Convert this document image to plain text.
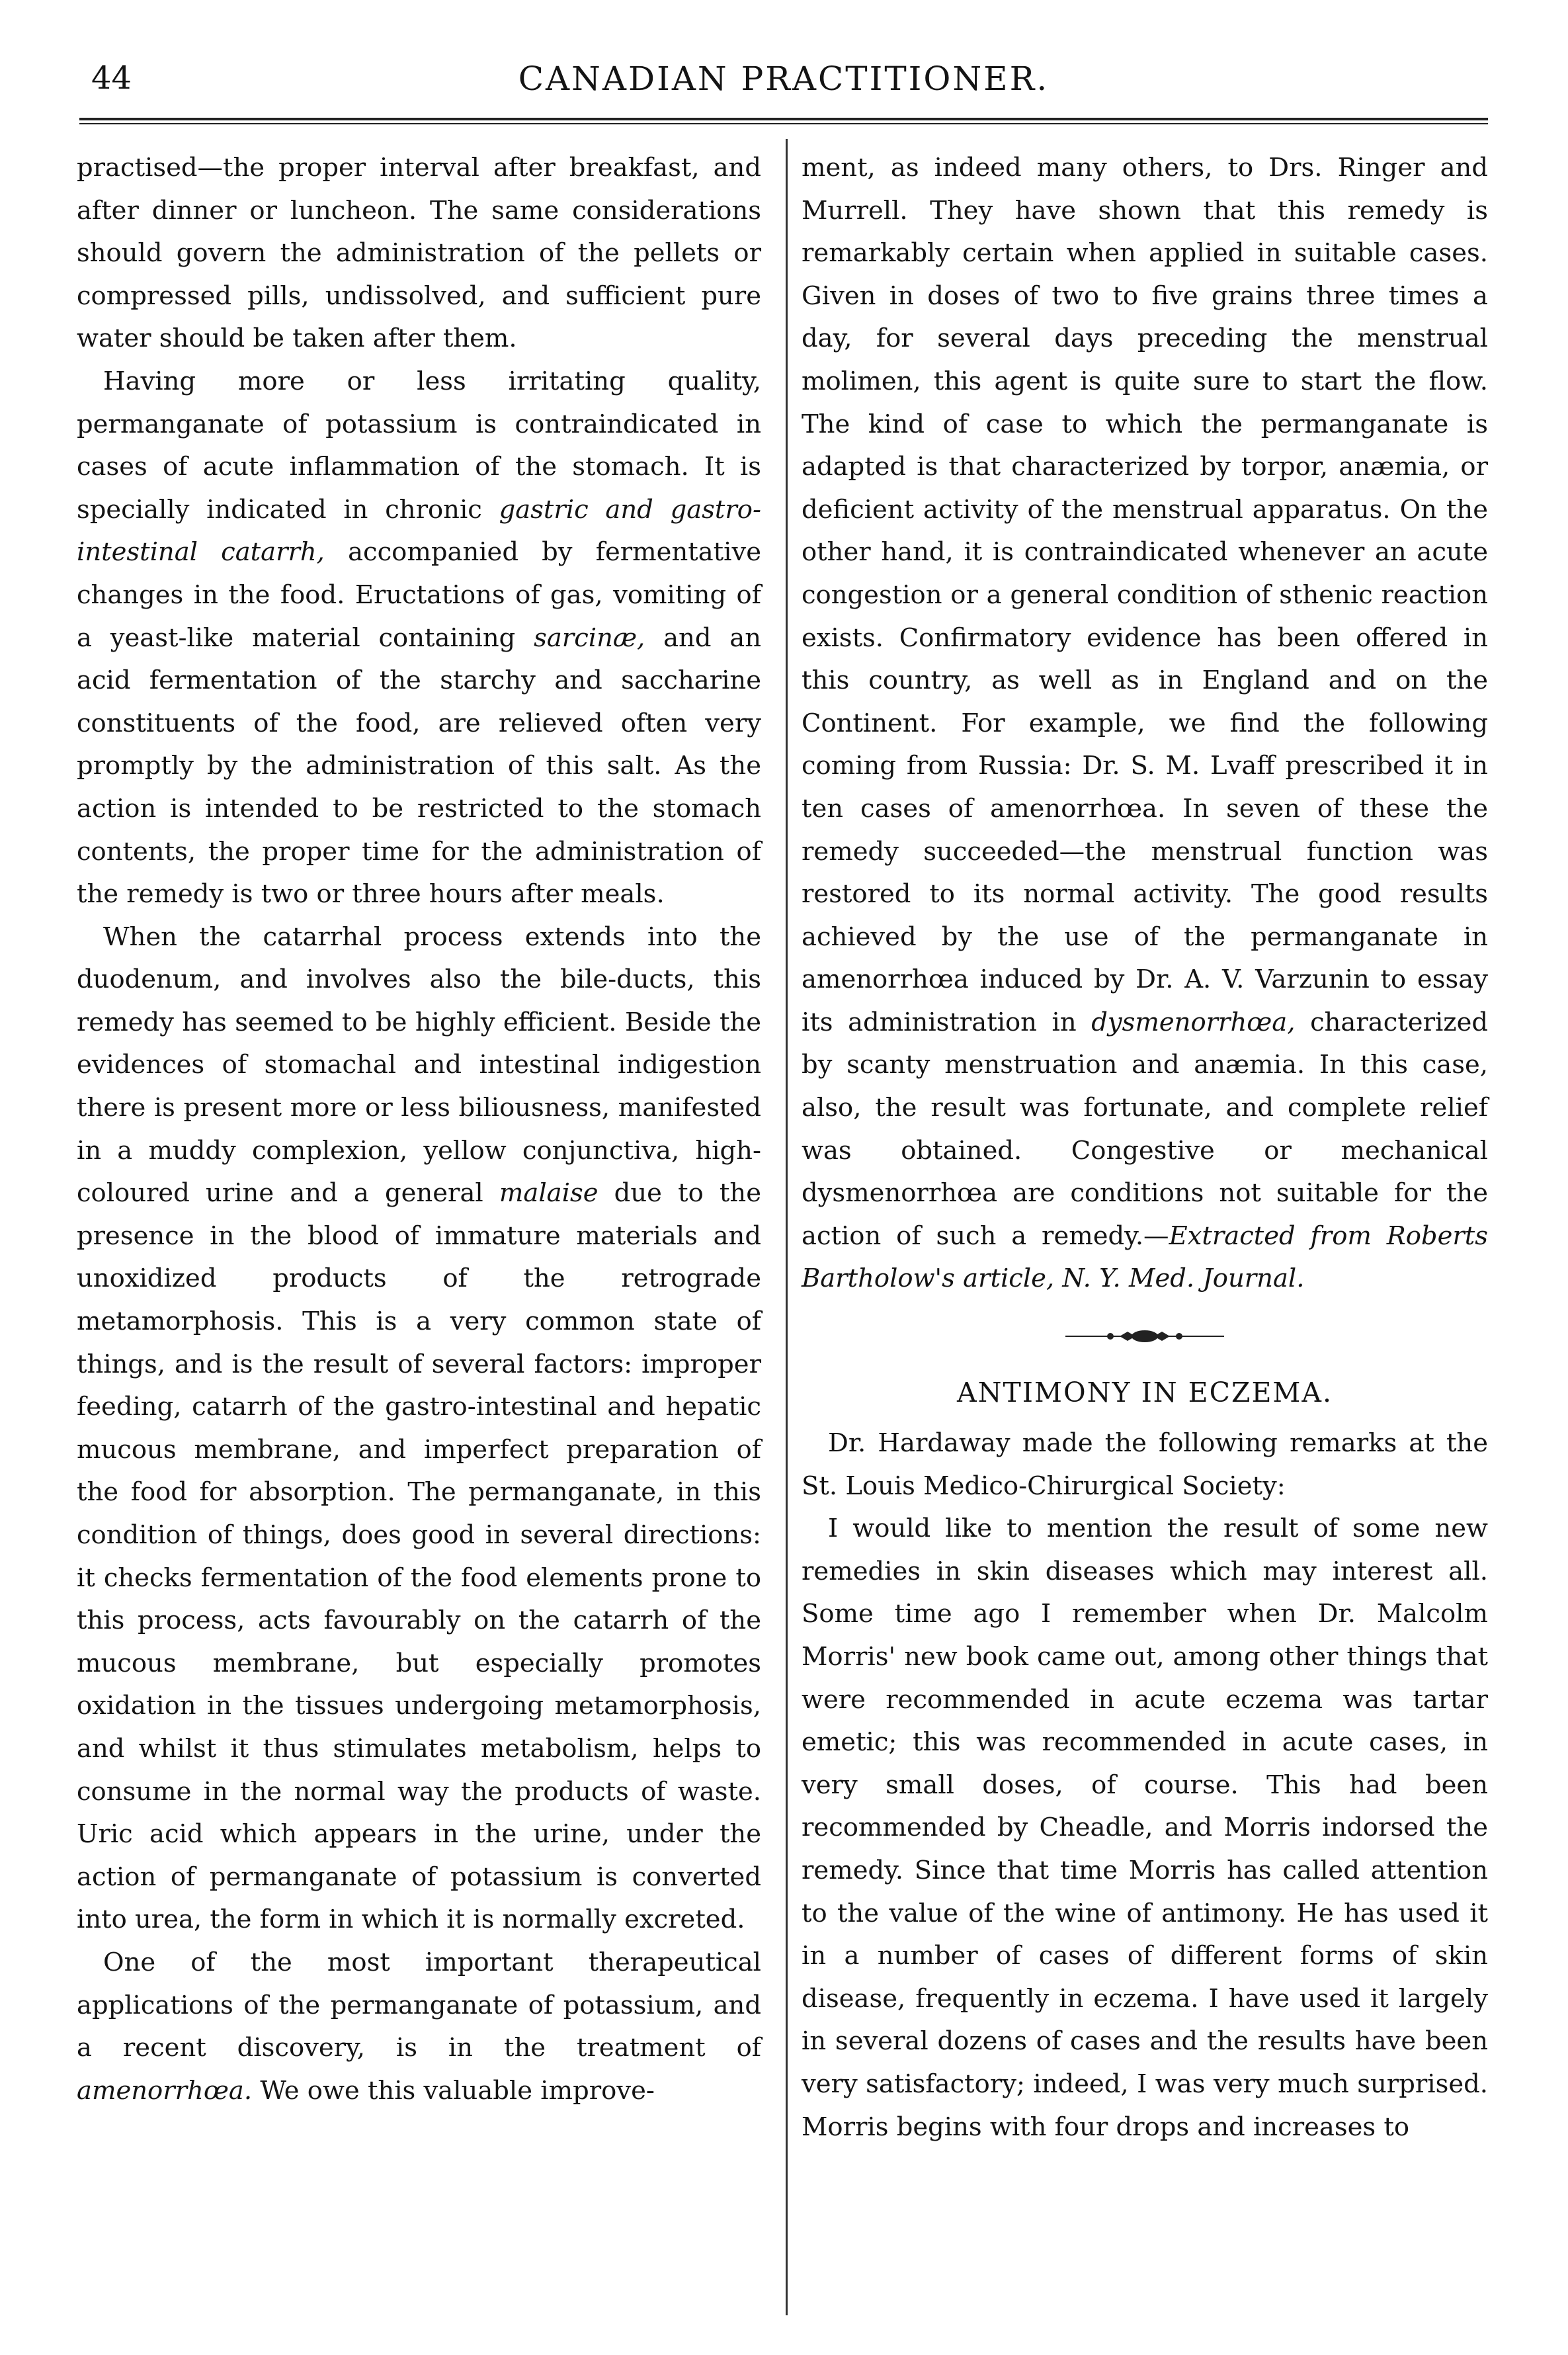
44	CANADIAN PRACTITIONER.

practised—the proper interval after breakfast, and after dinner or luncheon. The same considerations should govern the administration of the pellets or compressed pills, undissolved, and sufficient pure water should be taken after them.

Having more or less irritating quality, permanganate of potassium is contraindicated in cases of acute inflammation of the stomach. It is specially indicated in chronic gastric and gastro-intestinal catarrh, accompanied by fermentative changes in the food. Eructations of gas, vomiting of a yeast-like material containing sarcinæ, and an acid fermentation of the starchy and saccharine constituents of the food, are relieved often very promptly by the administration of this salt. As the action is intended to be restricted to the stomach contents, the proper time for the administration of the remedy is two or three hours after meals.

When the catarrhal process extends into the duodenum, and involves also the bile-ducts, this remedy has seemed to be highly efficient. Beside the evidences of stomachal and intestinal indigestion there is present more or less biliousness, manifested in a muddy complexion, yellow conjunctiva, high-coloured urine and a general malaise due to the presence in the blood of immature materials and unoxidized products of the retrograde metamorphosis. This is a very common state of things, and is the result of several factors: improper feeding, catarrh of the gastro-intestinal and hepatic mucous membrane, and imperfect preparation of the food for absorption. The permanganate, in this condition of things, does good in several directions: it checks fermentation of the food elements prone to this process, acts favourably on the catarrh of the mucous membrane, but especially promotes oxidation in the tissues undergoing metamorphosis, and whilst it thus stimulates metabolism, helps to consume in the normal way the products of waste. Uric acid which appears in the urine, under the action of permanganate of potassium is converted into urea, the form in which it is normally excreted.

One of the most important therapeutical applications of the permanganate of potassium, and a recent discovery, is in the treatment of amenorrhœa. We owe this valuable improve-

ment, as indeed many others, to Drs. Ringer and Murrell. They have shown that this remedy is remarkably certain when applied in suitable cases. Given in doses of two to five grains three times a day, for several days preceding the menstrual molimen, this agent is quite sure to start the flow. The kind of case to which the permanganate is adapted is that characterized by torpor, anæmia, or deficient activity of the menstrual apparatus. On the other hand, it is contraindicated whenever an acute congestion or a general condition of sthenic reaction exists. Confirmatory evidence has been offered in this country, as well as in England and on the Continent. For example, we find the following coming from Russia: Dr. S. M. Lvaff prescribed it in ten cases of amenorrhœa. In seven of these the remedy succeeded—the menstrual function was restored to its normal activity. The good results achieved by the use of the permanganate in amenorrhœa induced by Dr. A. V. Varzunin to essay its administration in dysmenorrhœa, characterized by scanty menstruation and anæmia. In this case, also, the result was fortunate, and complete relief was obtained. Congestive or mechanical dysmenorrhœa are conditions not suitable for the action of such a remedy.—Extracted from Roberts Bartholow's article, N. Y. Med. Journal.

ANTIMONY IN ECZEMA.

Dr. Hardaway made the following remarks at the St. Louis Medico-Chirurgical Society:

I would like to mention the result of some new remedies in skin diseases which may interest all. Some time ago I remember when Dr. Malcolm Morris' new book came out, among other things that were recommended in acute eczema was tartar emetic; this was recommended in acute cases, in very small doses, of course. This had been recommended by Cheadle, and Morris indorsed the remedy. Since that time Morris has called attention to the value of the wine of antimony. He has used it in a number of cases of different forms of skin disease, frequently in eczema. I have used it largely in several dozens of cases and the results have been very satisfactory; indeed, I was very much surprised. Morris begins with four drops and increases to
